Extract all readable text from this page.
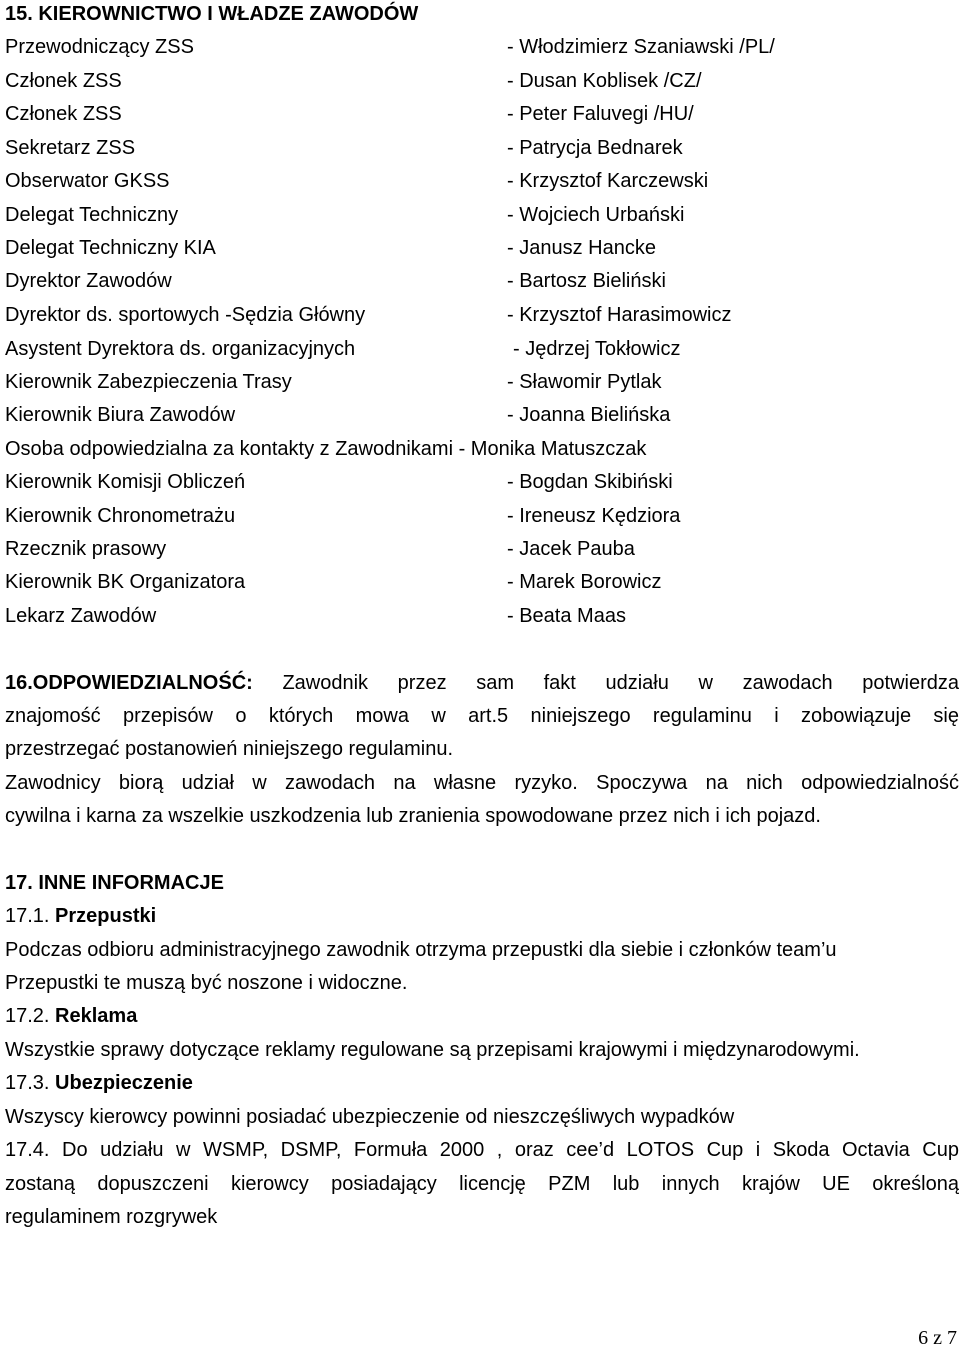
15. KIEROWNICTWO I WŁADZE ZAWODÓW
Przewodniczący ZSS	- Włodzimierz Szaniawski /PL/
Członek ZSS	- Dusan Koblisek /CZ/
Członek ZSS	- Peter Faluvegi /HU/
Sekretarz ZSS	- Patrycja Bednarek
Obserwator GKSS	- Krzysztof Karczewski
Delegat Techniczny	- Wojciech Urbański
Delegat Techniczny KIA	- Janusz Hancke
Dyrektor Zawodów	- Bartosz Bieliński
Dyrektor ds. sportowych -Sędzia Główny	- Krzysztof Harasimowicz
Asystent Dyrektora ds. organizacyjnych	- Jędrzej Tokłowicz
Kierownik Zabezpieczenia Trasy	- Sławomir Pytlak
Kierownik Biura Zawodów	- Joanna Bielińska
Osoba odpowiedzialna za kontakty z Zawodnikami - Monika Matuszczak
Kierownik Komisji Obliczeń	- Bogdan Skibiński
Kierownik Chronometrażu	- Ireneusz Kędziora
Rzecznik prasowy	- Jacek Pauba
Kierownik BK Organizatora	- Marek Borowicz
Lekarz Zawodów	- Beata Maas
16.ODPOWIEDZIALNOŚĆ: Zawodnik przez sam fakt udziału w zawodach potwierdza
znajomość przepisów o których mowa w art.5 niniejszego regulaminu i zobowiązuje się
przestrzegać postanowień niniejszego regulaminu.
Zawodnicy biorą udział w zawodach na własne ryzyko. Spoczywa na nich odpowiedzialność
cywilna i karna za wszelkie uszkodzenia lub zranienia spowodowane przez nich i ich pojazd.
17. INNE INFORMACJE
17.1. Przepustki
Podczas odbioru administracyjnego zawodnik otrzyma przepustki dla siebie i członków team’u
Przepustki te muszą być noszone i widoczne.
17.2. Reklama
Wszystkie sprawy dotyczące reklamy regulowane są przepisami krajowymi i międzynarodowymi.
17.3. Ubezpieczenie
Wszyscy kierowcy powinni posiadać ubezpieczenie od nieszczęśliwych wypadków
17.4. Do udziału w WSMP, DSMP, Formuła 2000 , oraz cee’d LOTOS Cup i Skoda Octavia Cup
zostaną dopuszczeni kierowcy posiadający licencję PZM lub innych krajów UE określoną
regulaminem rozgrywek
6 z 7
